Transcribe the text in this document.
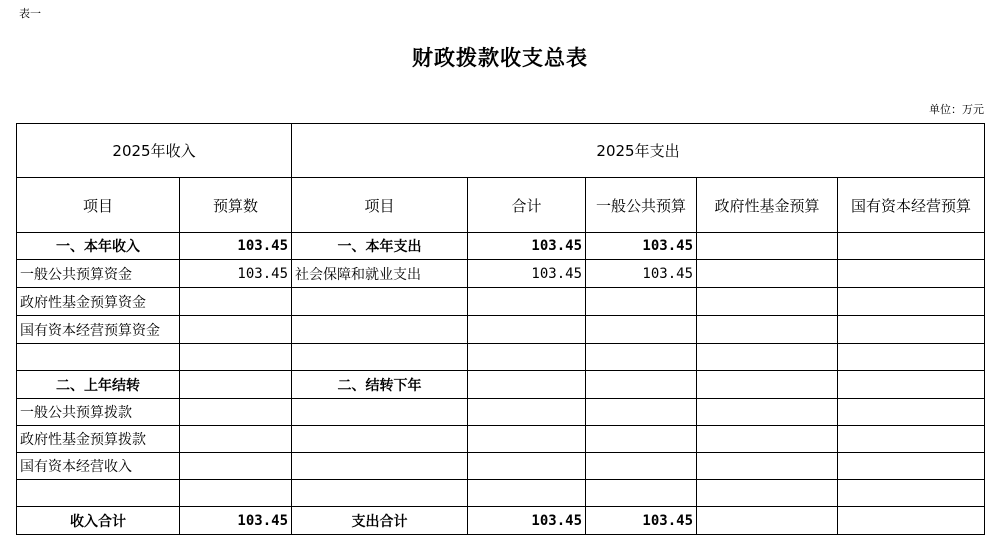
表一
财政拨款收支总表
单位：万元
2025年收入		2025年支出				
项目	预算数	项目	合计	一般公共预算	政府性基金预算	国有资本经营预算
一、本年收入	103.45	一、本年支出	103.45	103.45		
一般公共预算资金	103.45	社会保障和就业支出	103.45	103.45		
政府性基金预算资金						
国有资本经营预算资金						

二、上年结转		二、结转下年				
一般公共预算拨款						
政府性基金预算拨款						
国有资本经营收入						

收入合计	103.45	支出合计	103.45	103.45		
